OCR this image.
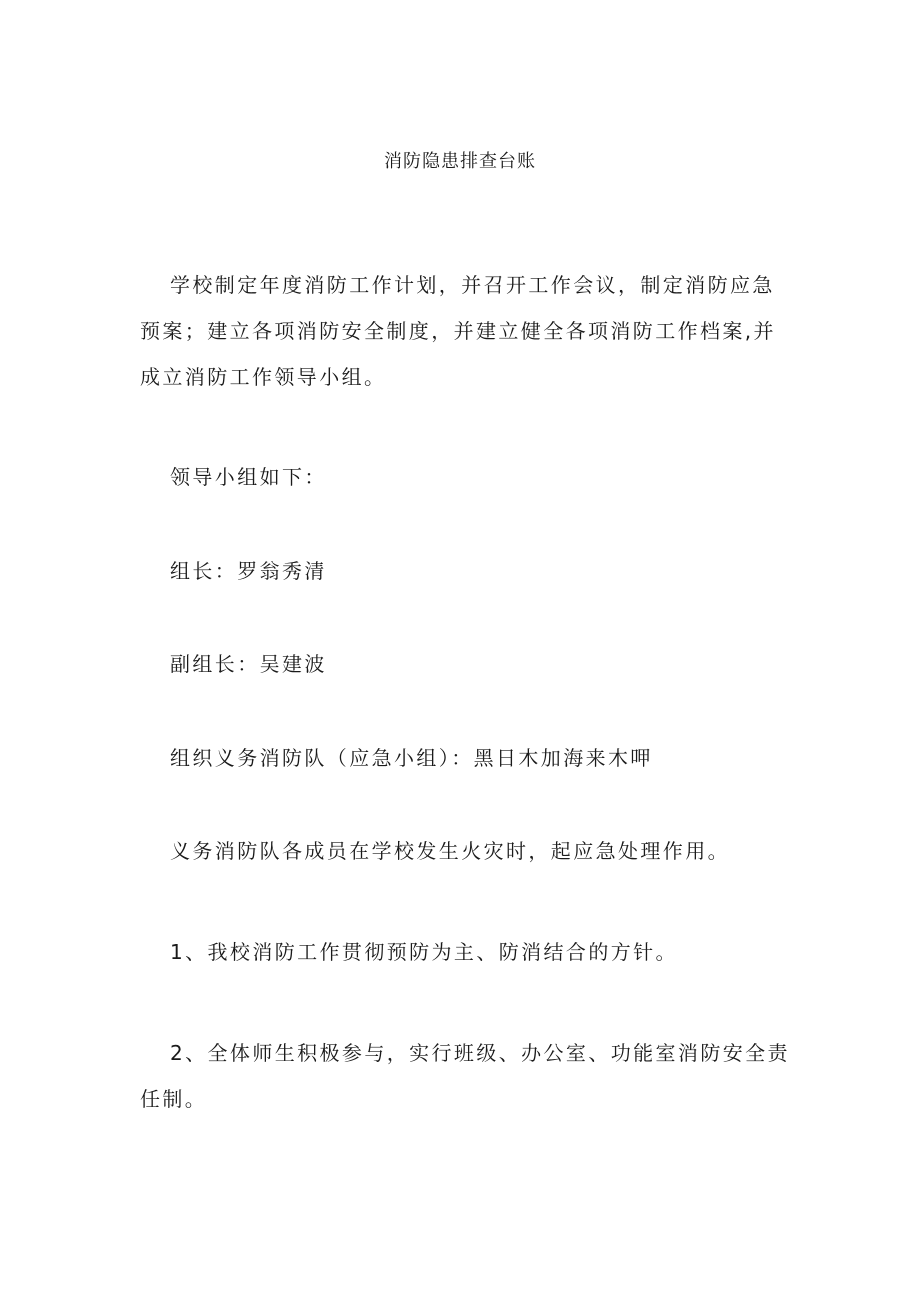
消防隐患排查台账

学校制定年度消防工作计划，并召开工作会议，制定消防应急预案；建立各项消防安全制度，并建立健全各项消防工作档案,并成立消防工作领导小组。

领导小组如下：

组长：罗翁秀清

副组长：吴建波

组织义务消防队（应急小组）：黑日木加海来木呷

义务消防队各成员在学校发生火灾时，起应急处理作用。

1、我校消防工作贯彻预防为主、防消结合的方针。

2、全体师生积极参与，实行班级、办公室、功能室消防安全责任制。
